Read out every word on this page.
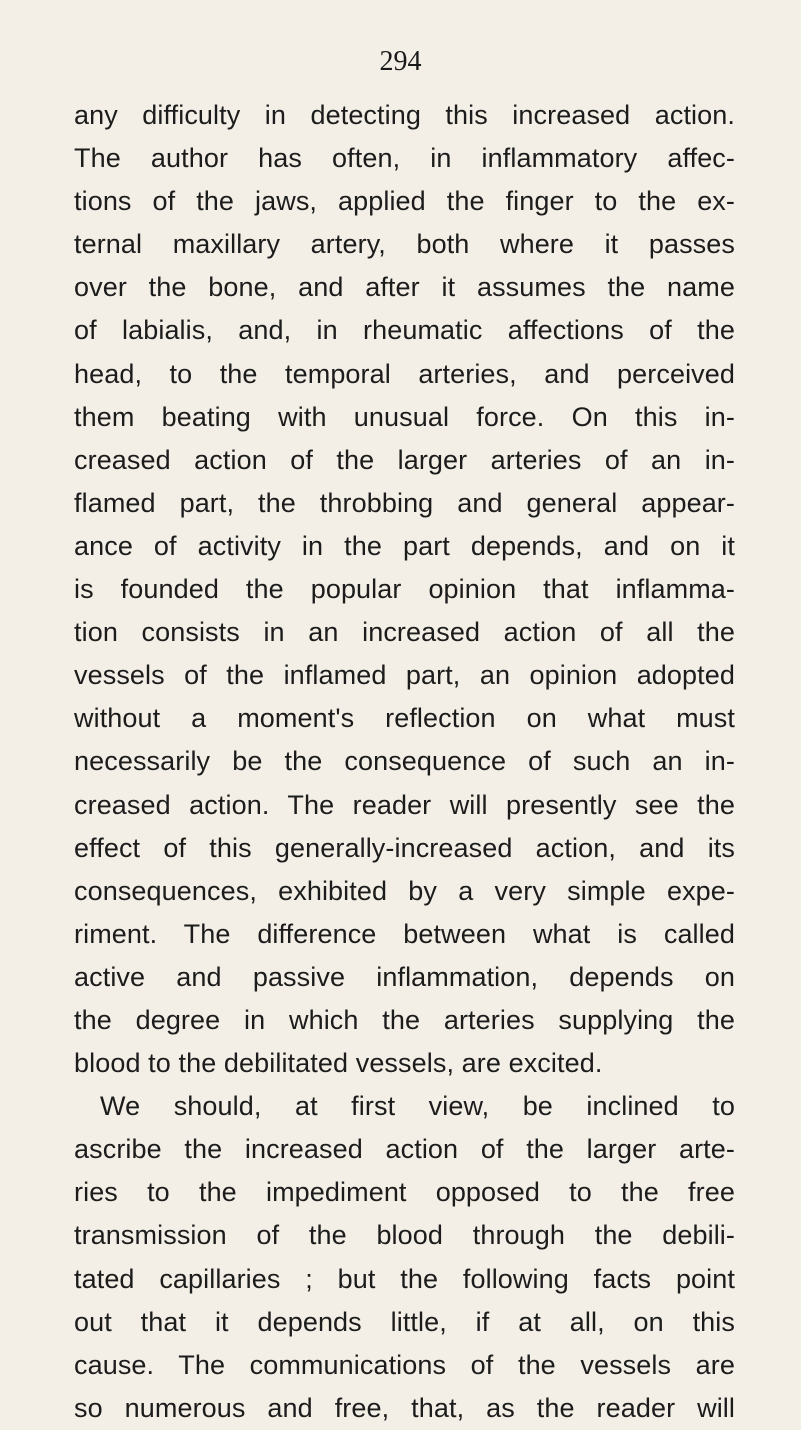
294
any difficulty in detecting this increased action.
The author has often, in inflammatory affec-
tions of the jaws, applied the finger to the ex-
ternal maxillary artery, both where it passes
over the bone, and after it assumes the name
of labialis, and, in rheumatic affections of the
head, to the temporal arteries, and perceived
them beating with unusual force. On this in-
creased action of the larger arteries of an in-
flamed part, the throbbing and general appear-
ance of activity in the part depends, and on it
is founded the popular opinion that inflamma-
tion consists in an increased action of all the
vessels of the inflamed part, an opinion adopted
without a moment's reflection on what must
necessarily be the consequence of such an in-
creased action. The reader will presently see the
effect of this generally-increased action, and its
consequences, exhibited by a very simple expe-
riment. The difference between what is called
active and passive inflammation, depends on
the degree in which the arteries supplying the
blood to the debilitated vessels, are excited.
We should, at first view, be inclined to
ascribe the increased action of the larger arte-
ries to the impediment opposed to the free
transmission of the blood through the debili-
tated capillaries ; but the following facts point
out that it depends little, if at all, on this
cause. The communications of the vessels are
so numerous and free, that, as the reader will
